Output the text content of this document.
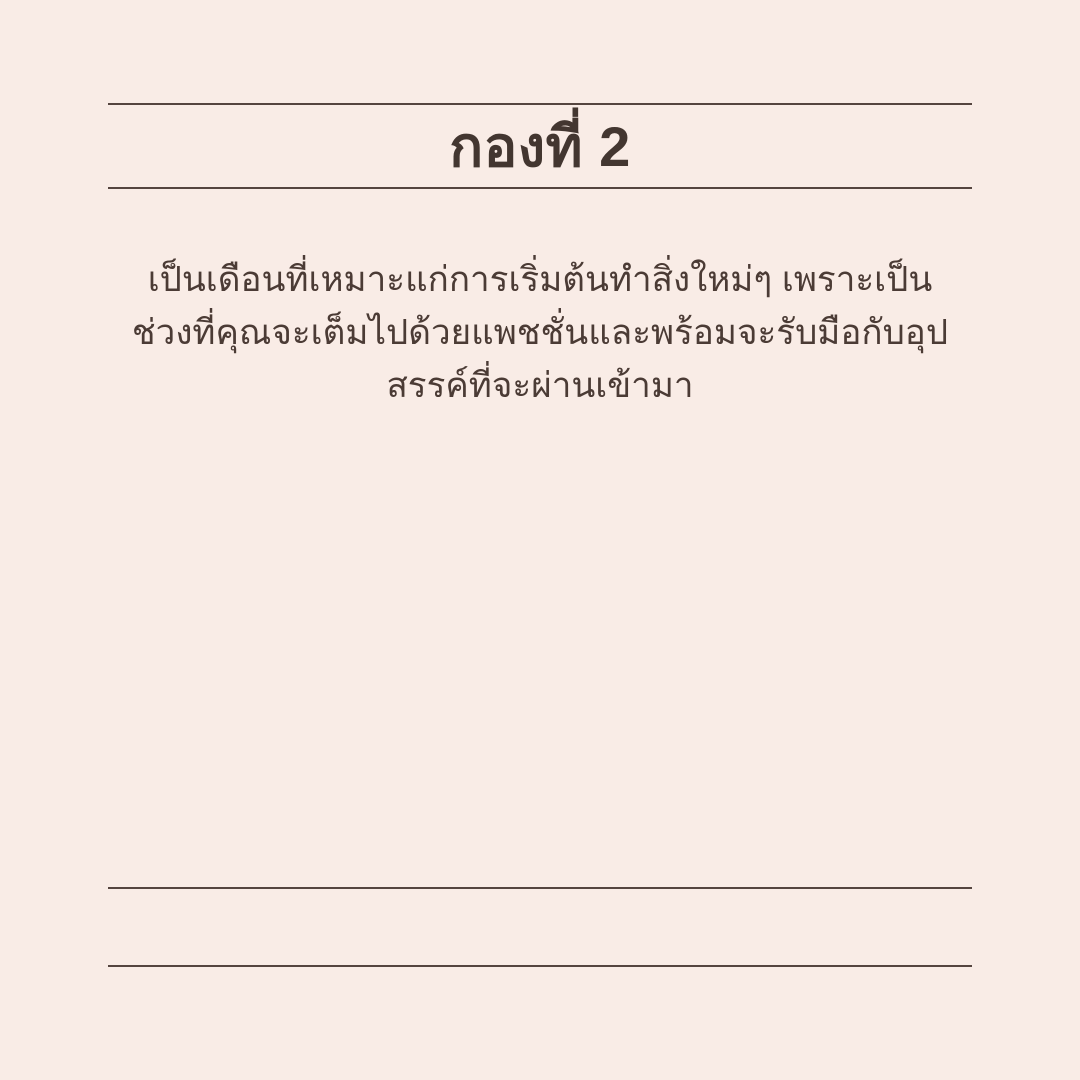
กองที่ 2
เป็นเดือนที่เหมาะแก่การเริ่มต้นทำสิ่งใหม่ๆ เพราะเป็นช่วงที่คุณจะเต็มไปด้วยแพชชั่นและพร้อมจะรับมือกับอุปสรรค์ที่จะผ่านเข้ามา
